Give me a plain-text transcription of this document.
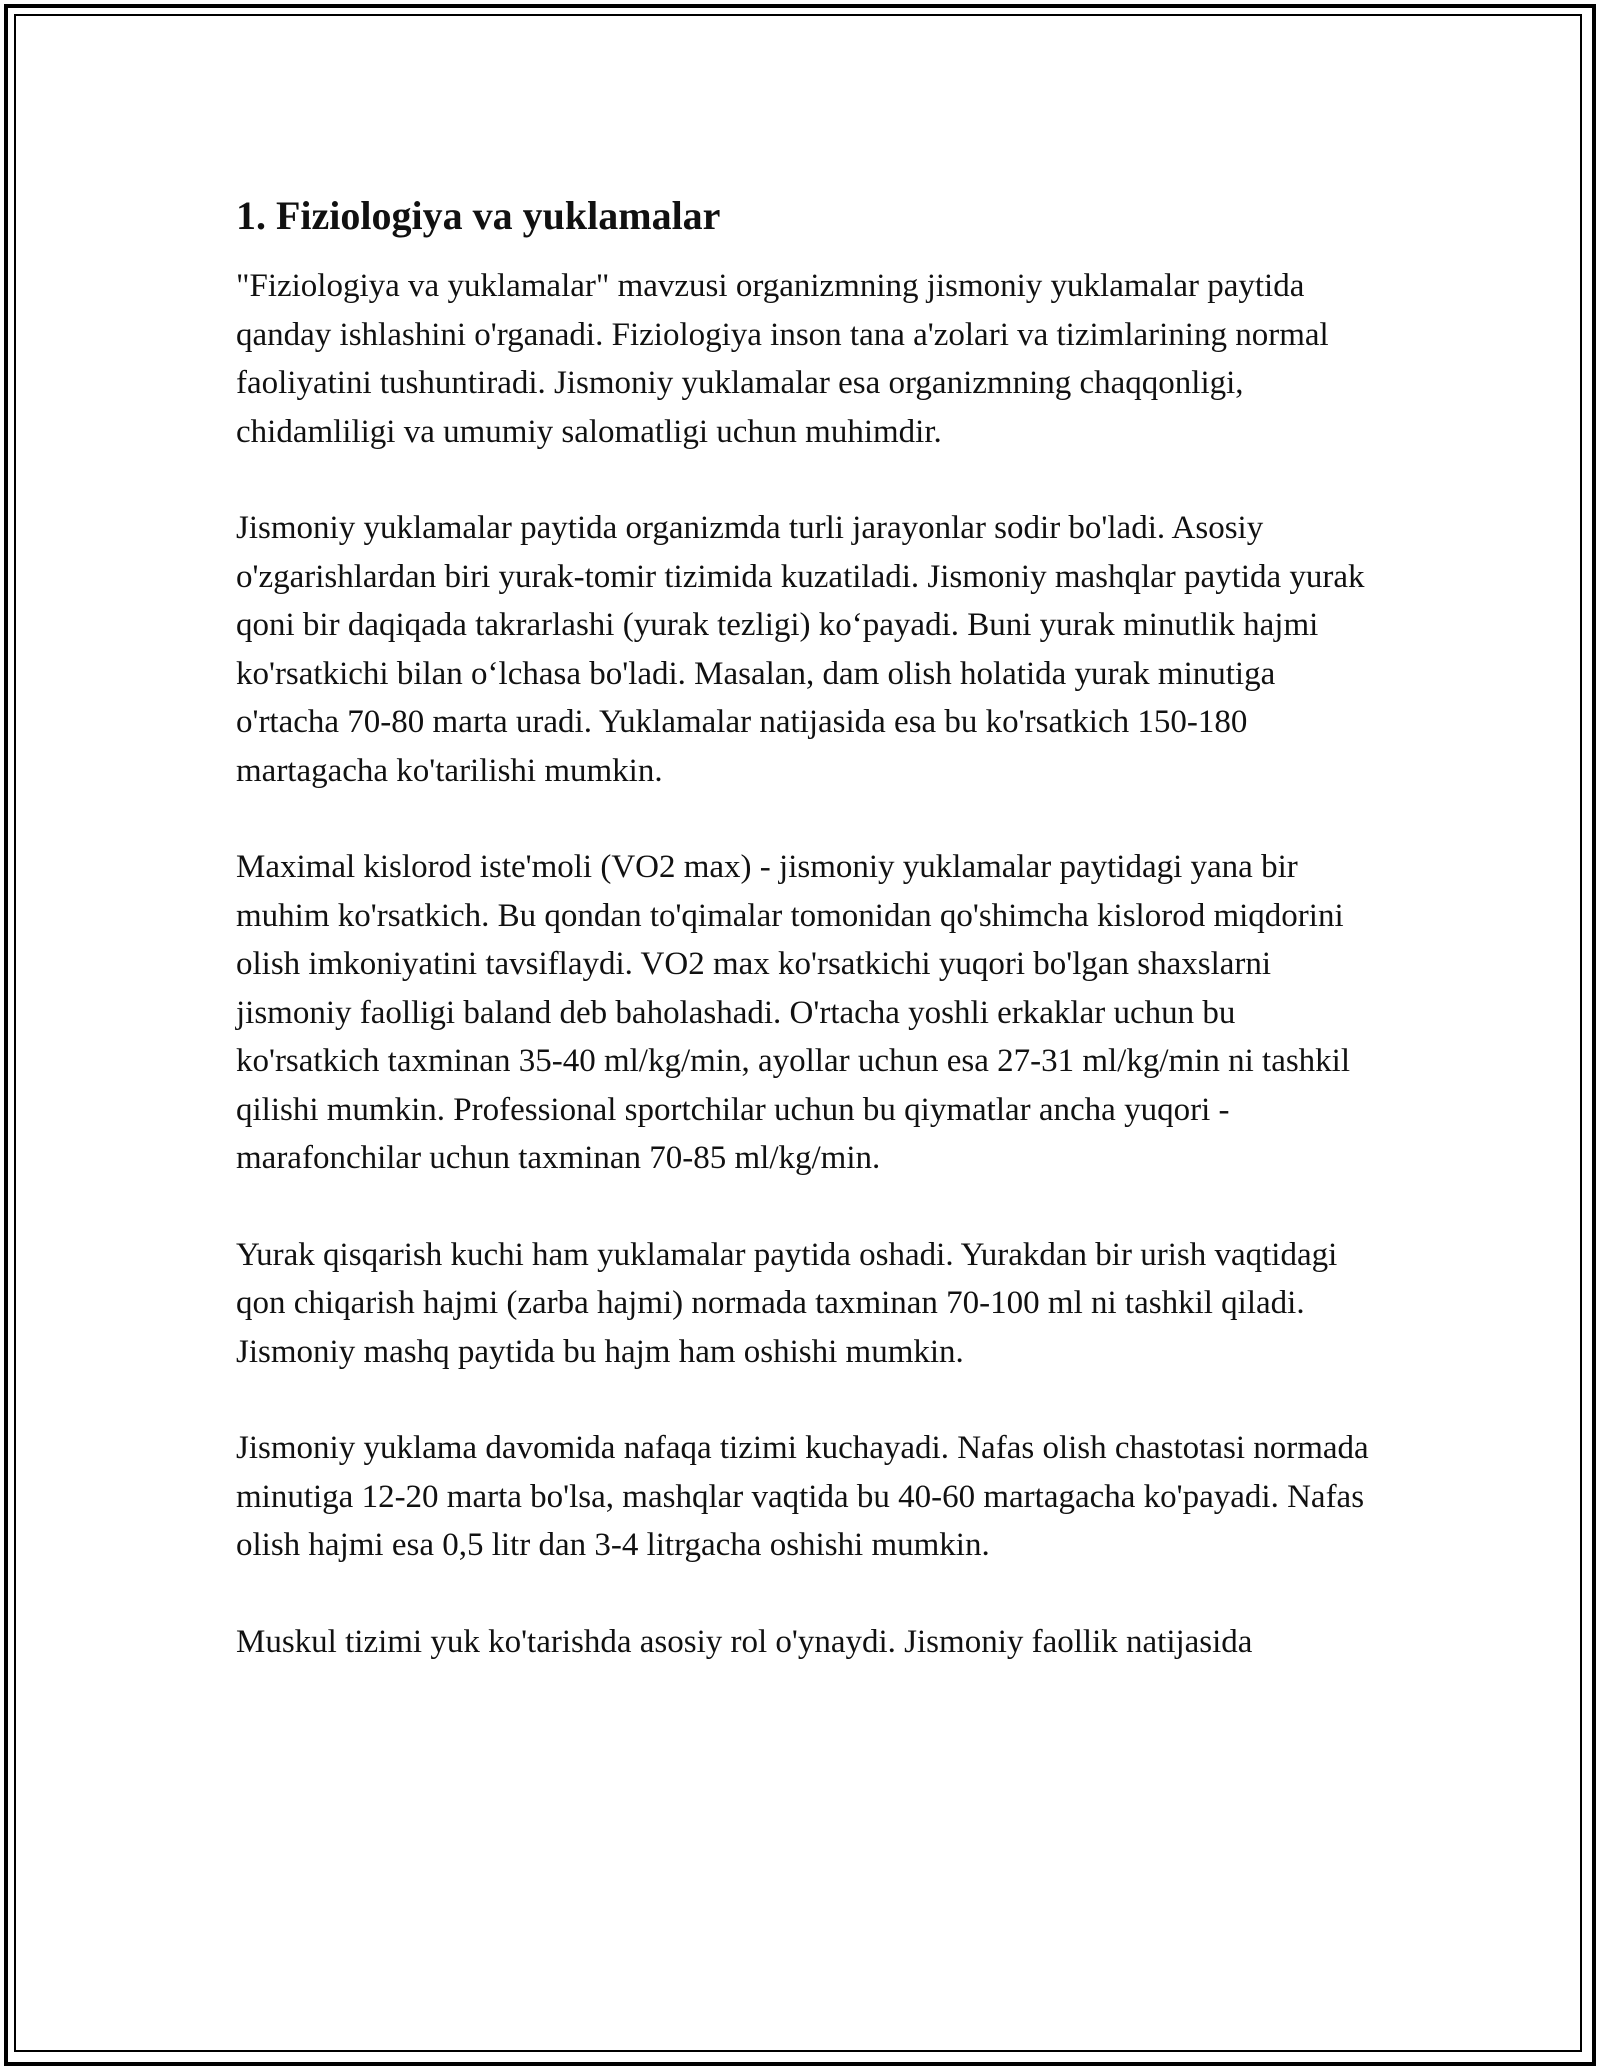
1. Fiziologiya va yuklamalar

"Fiziologiya va yuklamalar" mavzusi organizmning jismoniy yuklamalar paytida qanday ishlashini o'rganadi. Fiziologiya inson tana a'zolari va tizimlarining normal faoliyatini tushuntiradi. Jismoniy yuklamalar esa organizmning chaqqonligi, chidamliligi va umumiy salomatligi uchun muhimdir.

Jismoniy yuklamalar paytida organizmda turli jarayonlar sodir bo'ladi. Asosiy o'zgarishlardan biri yurak-tomir tizimida kuzatiladi. Jismoniy mashqlar paytida yurak qoni bir daqiqada takrarlashi (yurak tezligi) ko‘payadi. Buni yurak minutlik hajmi ko'rsatkichi bilan o‘lchasa bo'ladi. Masalan, dam olish holatida yurak minutiga o'rtacha 70-80 marta uradi. Yuklamalar natijasida esa bu ko'rsatkich 150-180 martagacha ko'tarilishi mumkin.

Maximal kislorod iste'moli (VO2 max) - jismoniy yuklamalar paytidagi yana bir muhim ko'rsatkich. Bu qondan to'qimalar tomonidan qo'shimcha kislorod miqdorini olish imkoniyatini tavsiflaydi. VO2 max ko'rsatkichi yuqori bo'lgan shaxslarni jismoniy faolligi baland deb baholashadi. O'rtacha yoshli erkaklar uchun bu ko'rsatkich taxminan 35-40 ml/kg/min, ayollar uchun esa 27-31 ml/kg/min ni tashkil qilishi mumkin. Professional sportchilar uchun bu qiymatlar ancha yuqori - marafonchilar uchun taxminan 70-85 ml/kg/min.

Yurak qisqarish kuchi ham yuklamalar paytida oshadi. Yurakdan bir urish vaqtidagi qon chiqarish hajmi (zarba hajmi) normada taxminan 70-100 ml ni tashkil qiladi. Jismoniy mashq paytida bu hajm ham oshishi mumkin.

Jismoniy yuklama davomida nafaqa tizimi kuchayadi. Nafas olish chastotasi normada minutiga 12-20 marta bo'lsa, mashqlar vaqtida bu 40-60 martagacha ko'payadi. Nafas olish hajmi esa 0,5 litr dan 3-4 litrgacha oshishi mumkin.

Muskul tizimi yuk ko'tarishda asosiy rol o'ynaydi. Jismoniy faollik natijasida
